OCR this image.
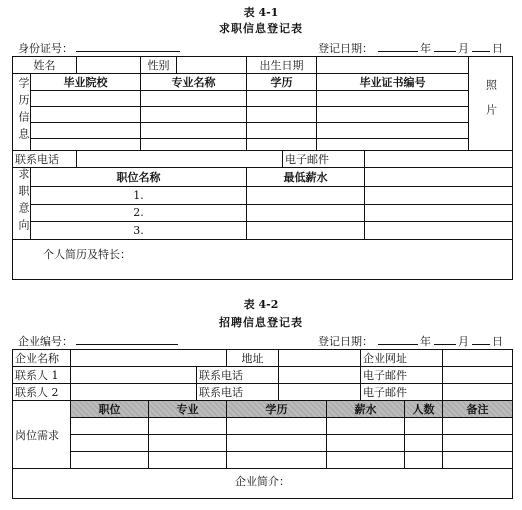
表 4-1
求职信息登记表
身份证号：	登记日期：	年 月 日
姓名			性别		出生日期				照片

学历信息	毕业院校		专业名称		学历		毕业证书编号		

联系电话						电子邮件			
求职意向	职位名称				最低薪水				
	1.								
	2.								
	3.								
个人简历及特长：									
表 4-2
招聘信息登记表
企业编号：	登记日期：	年 月 日
企业名称				地址			企业网址		
联系人 1			联系电话				电子邮件		
联系人 2			联系电话				电子邮件		
岗位需求	职位	专业		学历		薪水		人数	备注

企业简介：									
